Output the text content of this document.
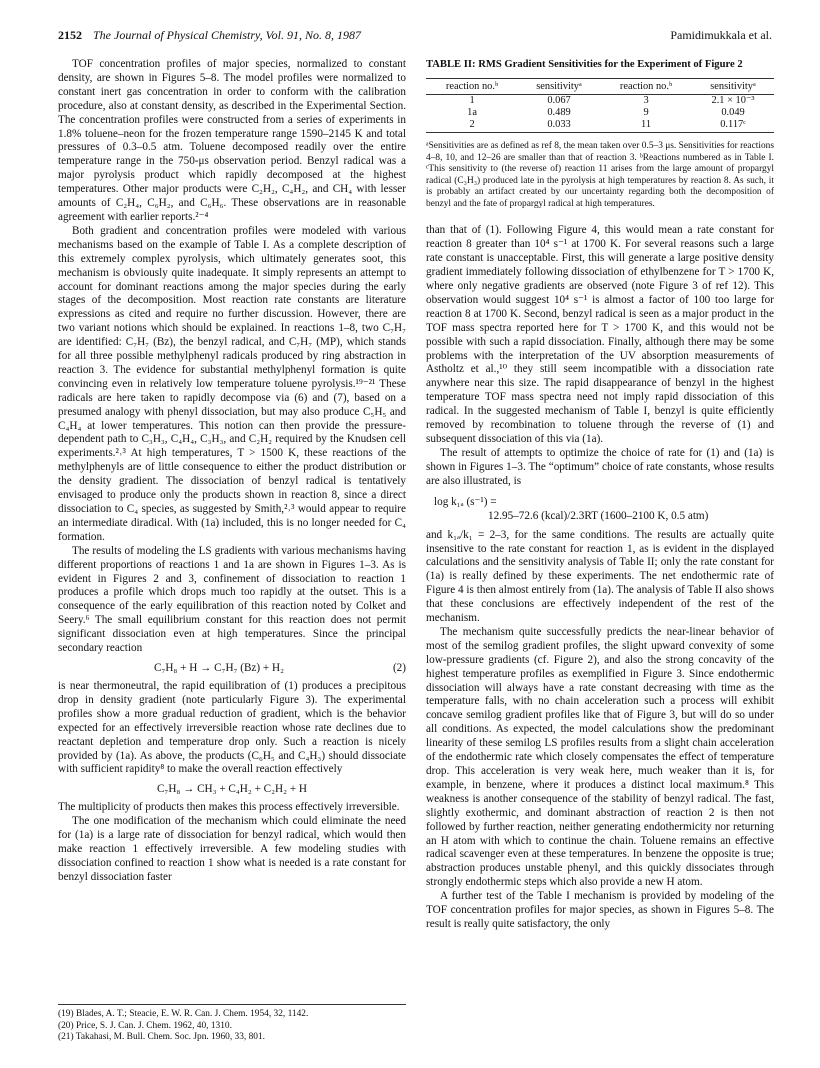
2152 The Journal of Physical Chemistry, Vol. 91, No. 8, 1987	Pamidimukkala et al.

TOF concentration profiles of major species, normalized to constant density, are shown in Figures 5–8. The model profiles were normalized to constant inert gas concentration in order to conform with the calibration procedure, also at constant density, as described in the Experimental Section. The concentration profiles were constructed from a series of experiments in 1.8% toluene–neon for the frozen temperature range 1590–2145 K and total pressures of 0.3–0.5 atm. Toluene decomposed readily over the entire temperature range in the 750-μs observation period. Benzyl radical was a major pyrolysis product which rapidly decomposed at the highest temperatures. Other major products were C₂H₂, C₄H₂, and CH₄ with lesser amounts of C₂H₄, C₆H₂, and C₆H₆. These observations are in reasonable agreement with earlier reports.²⁻⁴

Both gradient and concentration profiles were modeled with various mechanisms based on the example of Table I. As a complete description of this extremely complex pyrolysis, which ultimately generates soot, this mechanism is obviously quite inadequate. It simply represents an attempt to account for dominant reactions among the major species during the early stages of the decomposition. Most reaction rate constants are literature expressions as cited and require no further discussion. However, there are two variant notions which should be explained. In reactions 1–8, two C₇H₇ are identified: C₇H₇ (Bz), the benzyl radical, and C₇H₇ (MP), which stands for all three possible methylphenyl radicals produced by ring abstraction in reaction 3. The evidence for substantial methylphenyl formation is quite convincing even in relatively low temperature toluene pyrolysis.¹⁹⁻²¹ These radicals are here taken to rapidly decompose via (6) and (7), based on a presumed analogy with phenyl dissociation, but may also produce C₅H₅ and C₄H₄ at lower temperatures. This notion can then provide the pressure-dependent path to C₃H₃, C₄H₄, C₃H₃, and C₂H₂ required by the Knudsen cell experiments.²˒³ At high temperatures, T > 1500 K, these reactions of the methylphenyls are of little consequence to either the product distribution or the density gradient. The dissociation of benzyl radical is tentatively envisaged to produce only the products shown in reaction 8, since a direct dissociation to C₄ species, as suggested by Smith,²˒³ would appear to require an intermediate diradical. With (1a) included, this is no longer needed for C₄ formation.

The results of modeling the LS gradients with various mechanisms having different proportions of reactions 1 and 1a are shown in Figures 1–3. As is evident in Figures 2 and 3, confinement of dissociation to reaction 1 produces a profile which drops much too rapidly at the outset. This is a consequence of the early equilibration of this reaction noted by Colket and Seery.⁶ The small equilibrium constant for this reaction does not permit significant dissociation even at high temperatures. Since the principal secondary reaction

C₇H₈ + H → C₇H₇ (Bz) + H₂	(2)

is near thermoneutral, the rapid equilibration of (1) produces a precipitous drop in density gradient (note particularly Figure 3). The experimental profiles show a more gradual reduction of gradient, which is the behavior expected for an effectively irreversible reaction whose rate declines due to reactant depletion and temperature drop only. Such a reaction is nicely provided by (1a). As above, the products (C₆H₅ and C₄H₃) should dissociate with sufficient rapidity⁸ to make the overall reaction effectively

C₇H₈ → CH₃ + C₄H₂ + C₂H₂ + H

The multiplicity of products then makes this process effectively irreversible.

The one modification of the mechanism which could eliminate the need for (1a) is a large rate of dissociation for benzyl radical, which would then make reaction 1 effectively irreversible. A few modeling studies with dissociation confined to reaction 1 show what is needed is a rate constant for benzyl dissociation faster

(19) Blades, A. T.; Steacie, E. W. R. Can. J. Chem. 1954, 32, 1142.
(20) Price, S. J. Can. J. Chem. 1962, 40, 1310.
(21) Takahasi, M. Bull. Chem. Soc. Jpn. 1960, 33, 801.
TABLE II: RMS Gradient Sensitivities for the Experiment of Figure 2
reaction no.ᵇ	sensitivityᵃ	reaction no.ᵇ	sensitivityᵃ
1	0.067	3	2.1 × 10⁻³
1a	0.489	9	0.049
2	0.033	11	0.117ᶜ
ᵃSensitivities are as defined as ref 8, the mean taken over 0.5–3 μs. Sensitivities for reactions 4–8, 10, and 12–26 are smaller than that of reaction 3. ᵇReactions numbered as in Table I. ᶜThis sensitivity to (the reverse of) reaction 11 arises from the large amount of propargyl radical (C₃H₃) produced late in the pyrolysis at high temperatures by reaction 8. As such, it is probably an artifact created by our uncertainty regarding both the decomposition of benzyl and the fate of propargyl radical at high temperatures.

than that of (1). Following Figure 4, this would mean a rate constant for reaction 8 greater than 10⁴ s⁻¹ at 1700 K. For several reasons such a large rate constant is unacceptable. First, this will generate a large positive density gradient immediately following dissociation of ethylbenzene for T > 1700 K, where only negative gradients are observed (note Figure 3 of ref 12). This observation would suggest 10⁴ s⁻¹ is almost a factor of 100 too large for reaction 8 at 1700 K. Second, benzyl radical is seen as a major product in the TOF mass spectra reported here for T > 1700 K, and this would not be possible with such a rapid dissociation. Finally, although there may be some problems with the interpretation of the UV absorption measurements of Astholtz et al.,¹⁰ they still seem incompatible with a dissociation rate anywhere near this size. The rapid disappearance of benzyl in the highest temperature TOF mass spectra need not imply rapid dissociation of this radical. In the suggested mechanism of Table I, benzyl is quite efficiently removed by recombination to toluene through the reverse of (1) and subsequent dissociation of this via (1a).

The result of attempts to optimize the choice of rate for (1) and (1a) is shown in Figures 1–3. The “optimum” choice of rate constants, whose results are also illustrated, is

log k₁ₐ (s⁻¹) =
12.95–72.6 (kcal)/2.3RT (1600–2100 K, 0.5 atm)

and k₁ₐ/k₁ = 2–3, for the same conditions. The results are actually quite insensitive to the rate constant for reaction 1, as is evident in the displayed calculations and the sensitivity analysis of Table II; only the rate constant for (1a) is really defined by these experiments. The net endothermic rate of Figure 4 is then almost entirely from (1a). The analysis of Table II also shows that these conclusions are effectively independent of the rest of the mechanism.

The mechanism quite successfully predicts the near-linear behavior of most of the semilog gradient profiles, the slight upward convexity of some low-pressure gradients (cf. Figure 2), and also the strong concavity of the highest temperature profiles as exemplified in Figure 3. Since endothermic dissociation will always have a rate constant decreasing with time as the temperature falls, with no chain acceleration such a process will exhibit concave semilog gradient profiles like that of Figure 3, but will do so under all conditions. As expected, the model calculations show the predominant linearity of these semilog LS profiles results from a slight chain acceleration of the endothermic rate which closely compensates the effect of temperature drop. This acceleration is very weak here, much weaker than it is, for example, in benzene, where it produces a distinct local maximum.⁸ This weakness is another consequence of the stability of benzyl radical. The fast, slightly exothermic, and dominant abstraction of reaction 2 is then not followed by further reaction, neither generating endothermicity nor returning an H atom with which to continue the chain. Toluene remains an effective radical scavenger even at these temperatures. In benzene the opposite is true; abstraction produces unstable phenyl, and this quickly dissociates through strongly endothermic steps which also provide a new H atom.

A further test of the Table I mechanism is provided by modeling of the TOF concentration profiles for major species, as shown in Figures 5–8. The result is really quite satisfactory, the only
